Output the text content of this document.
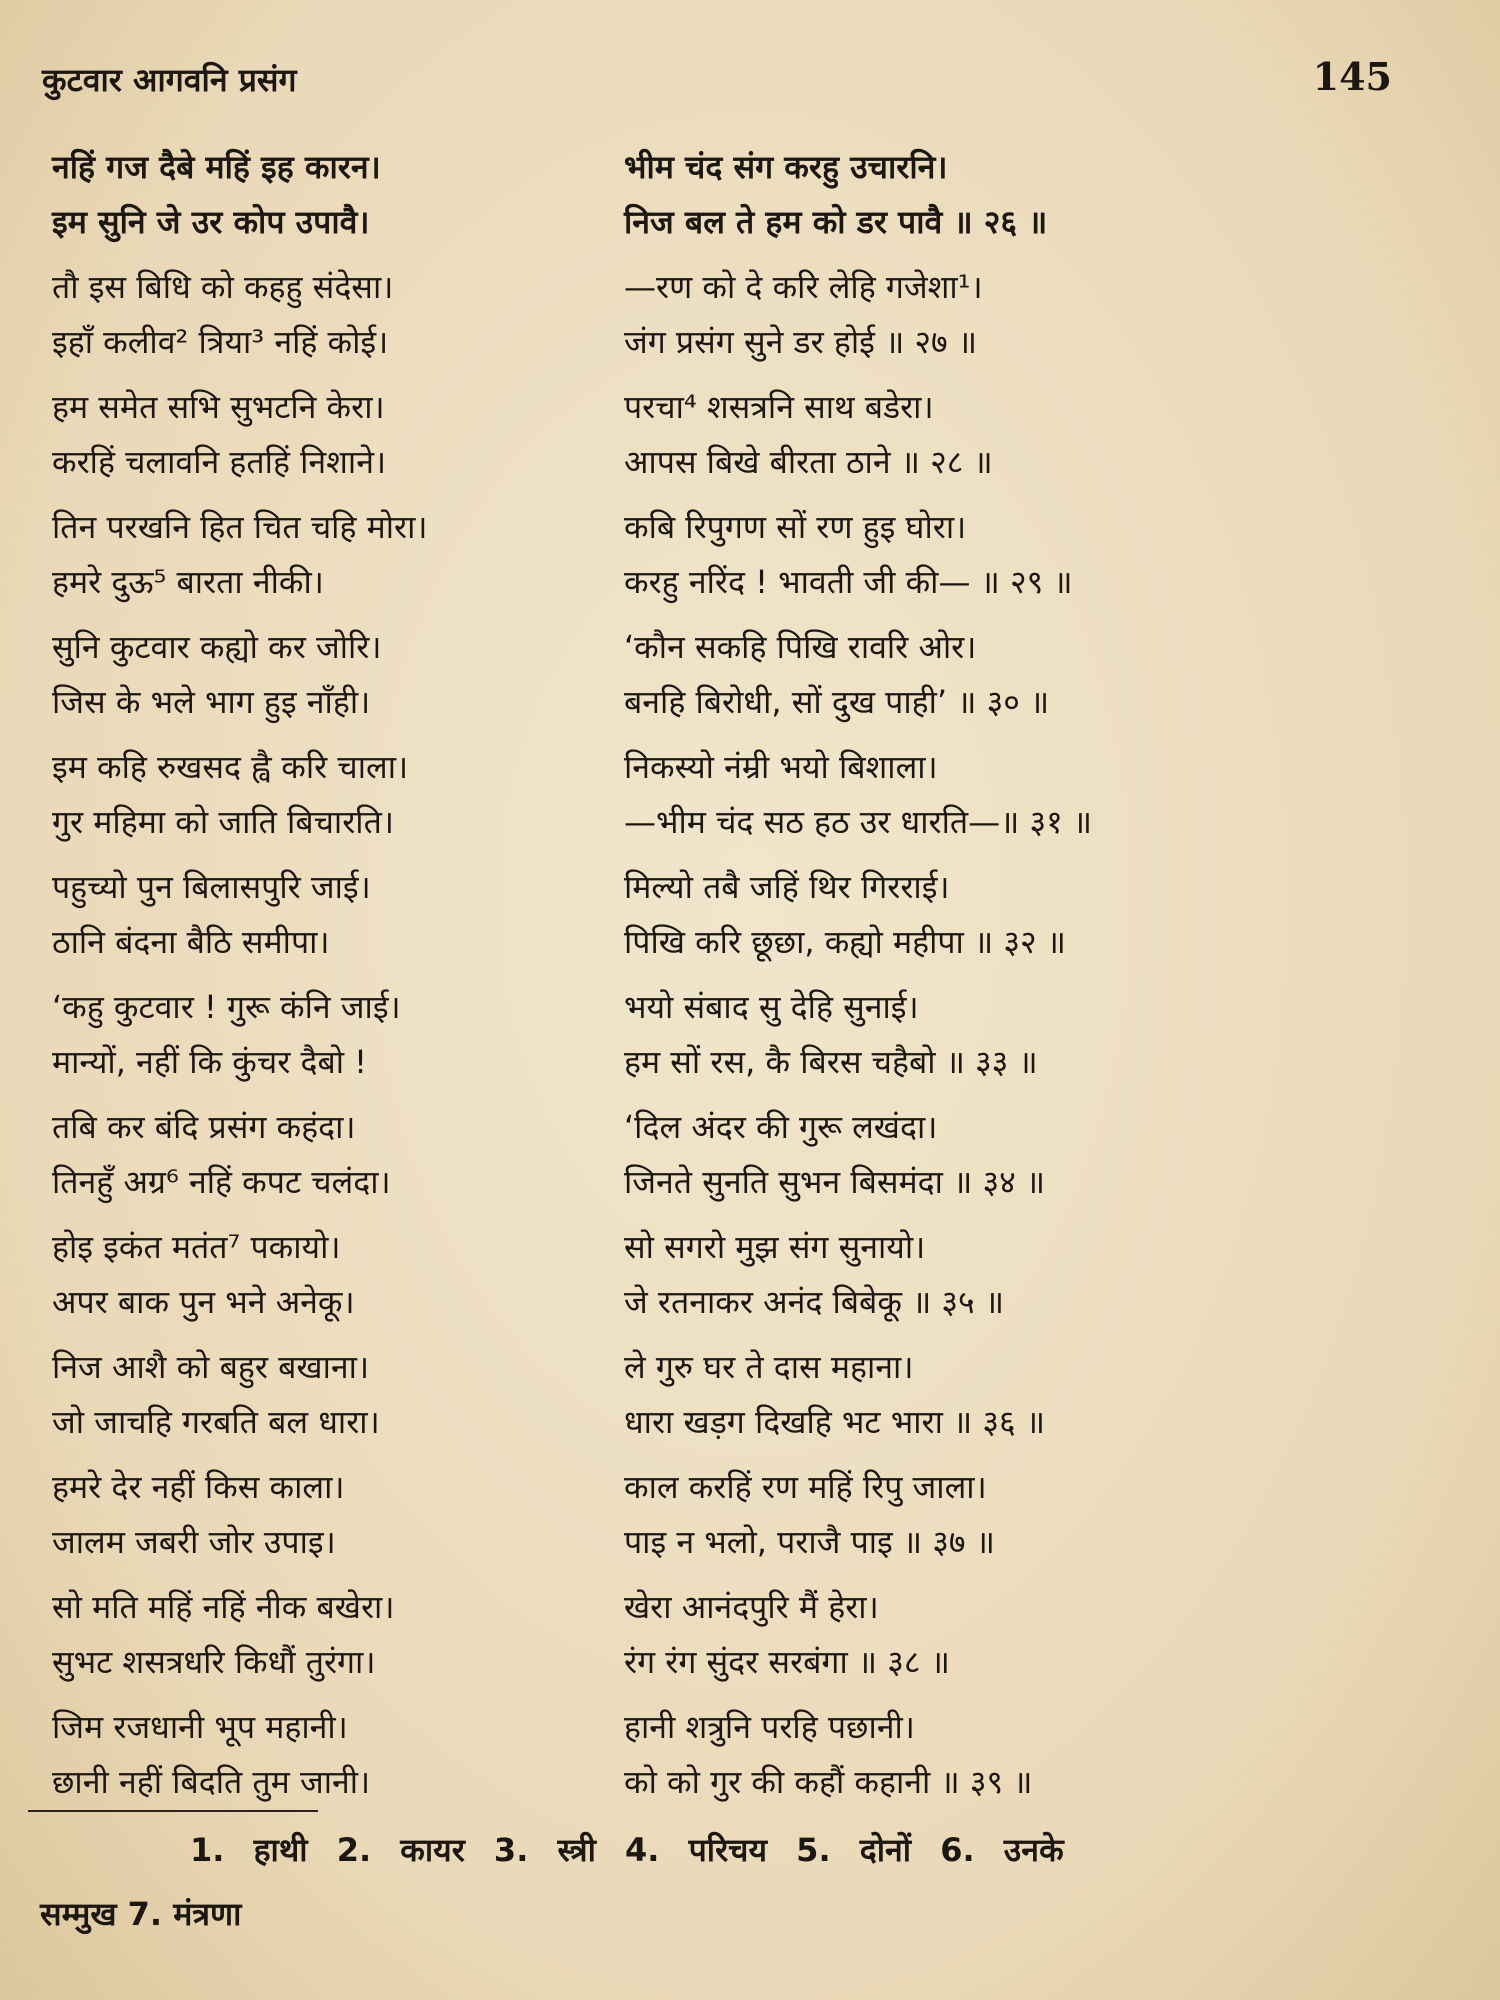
कुटवार आगवनि प्रसंग	145
नहिं गज दैबे महिं इह कारन।	भीम चंद संग करहु उचारनि।
इम सुनि जे उर कोप उपावै।	निज बल ते हम को डर पावै ॥ २६ ॥
तौ इस बिधि को कहहु संदेसा।	—रण को दे करि लेहि गजेशा¹।
इहाँ कलीव² त्रिया³ नहिं कोई।	जंग प्रसंग सुने डर होई ॥ २७ ॥
हम समेत सभि सुभटनि केरा।	परचा⁴ शसत्रनि साथ बडेरा।
करहिं चलावनि हतहिं निशाने।	आपस बिखे बीरता ठाने ॥ २८ ॥
तिन परखनि हित चित चहि मोरा।	कबि रिपुगण सों रण हुइ घोरा।
हमरे दुऊ⁵ बारता नीकी।	करहु नरिंद ! भावती जी की— ॥ २९ ॥
सुनि कुटवार कह्यो कर जोरि।	‘कौन सकहि पिखि रावरि ओर।
जिस के भले भाग हुइ नाँही।	बनहि बिरोधी, सों दुख पाही’ ॥ ३० ॥
इम कहि रुखसद ह्वै करि चाला।	निकस्यो नंम्री भयो बिशाला।
गुर महिमा को जाति बिचारति।	—भीम चंद सठ हठ उर धारति—॥ ३१ ॥
पहुच्यो पुन बिलासपुरि जाई।	मिल्यो तबै जहिं थिर गिरराई।
ठानि बंदना बैठि समीपा।	पिखि करि छूछा, कह्यो महीपा ॥ ३२ ॥
‘कहु कुटवार ! गुरू कंनि जाई।	भयो संबाद सु देहि सुनाई।
मान्यों, नहीं कि कुंचर दैबो !	हम सों रस, कै बिरस चहैबो ॥ ३३ ॥
तबि कर बंदि प्रसंग कहंदा।	‘दिल अंदर की गुरू लखंदा।
तिनहुँ अग्र⁶ नहिं कपट चलंदा।	जिनते सुनति सुभन बिसमंदा ॥ ३४ ॥
होइ इकंत मतंत⁷ पकायो।	सो सगरो मुझ संग सुनायो।
अपर बाक पुन भने अनेकू।	जे रतनाकर अनंद बिबेकू ॥ ३५ ॥
निज आशै को बहुर बखाना।	ले गुरु घर ते दास महाना।
जो जाचहि गरबति बल धारा।	धारा खड़ग दिखहि भट भारा ॥ ३६ ॥
हमरे देर नहीं किस काला।	काल करहिं रण महिं रिपु जाला।
जालम जबरी जोर उपाइ।	पाइ न भलो, पराजै पाइ ॥ ३७ ॥
सो मति महिं नहिं नीक बखेरा।	खेरा आनंदपुरि मैं हेरा।
सुभट शसत्रधरि किधौं तुरंगा।	रंग रंग सुंदर सरबंगा ॥ ३८ ॥
जिम रजधानी भूप महानी।	हानी शत्रुनि परहि पछानी।
छानी नहीं बिदति तुम जानी।	को को गुर की कहौं कहानी ॥ ३९ ॥
1. हाथी 2. कायर 3. स्त्री 4. परिचय 5. दोनों 6. उनके
सम्मुख 7. मंत्रणा
